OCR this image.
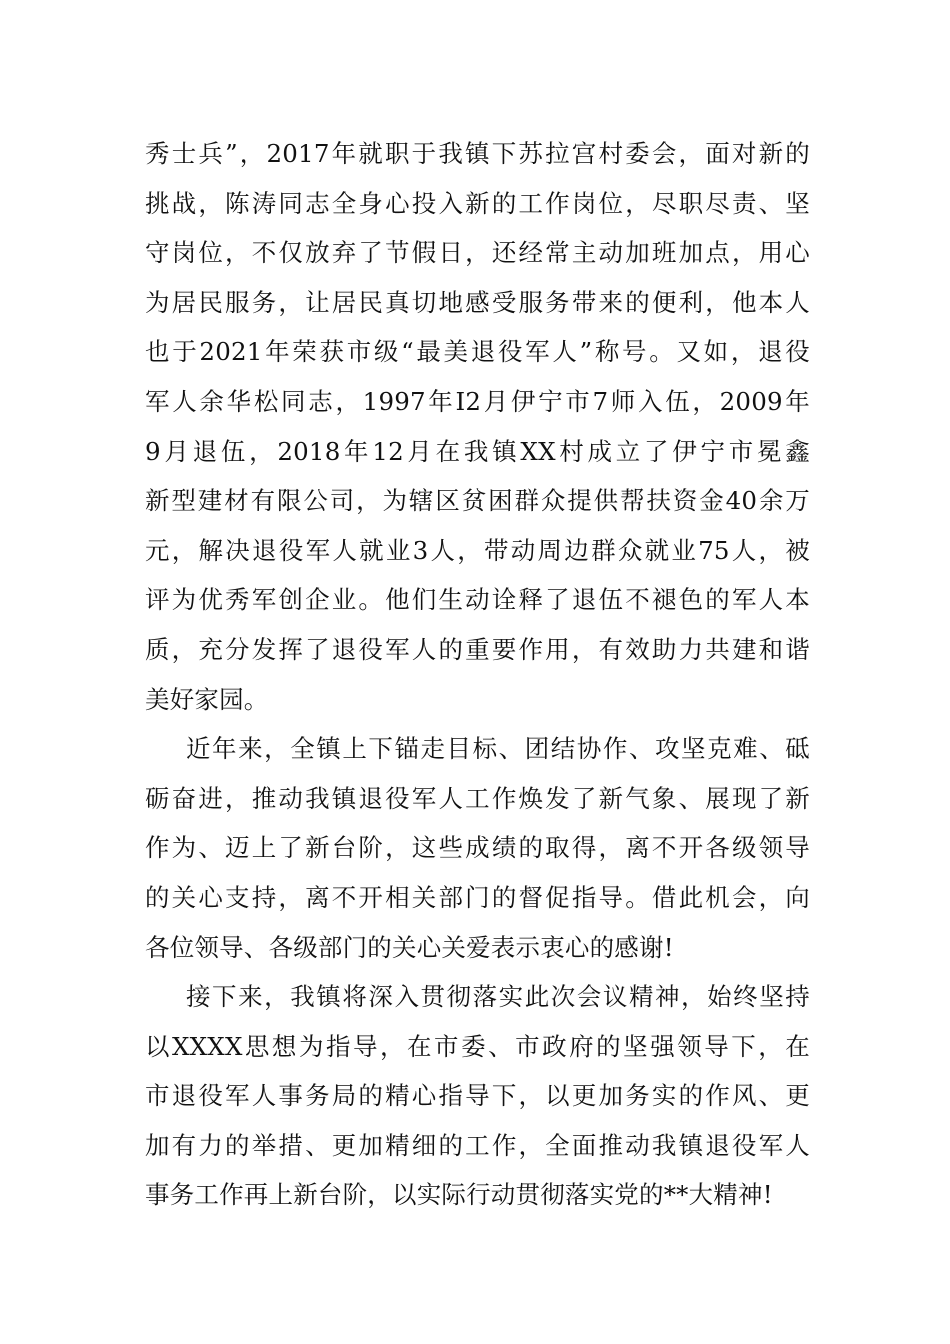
秀士兵”，2017年就职于我镇下苏拉宫村委会，面对新的
挑战，陈涛同志全身心投入新的工作岗位，尽职尽责、坚
守岗位，不仅放弃了节假日，还经常主动加班加点，用心
为居民服务，让居民真切地感受服务带来的便利，他本人
也于2021年荣获市级“最美退役军人”称号。又如，退役
军人余华松同志，1997年I2月伊宁市7师入伍，2009年
9月退伍，2018年12月在我镇XX村成立了伊宁市冕鑫
新型建材有限公司，为辖区贫困群众提供帮扶资金40余万
元，解决退役军人就业3人，带动周边群众就业75人，被
评为优秀军创企业。他们生动诠释了退伍不褪色的军人本
质，充分发挥了退役军人的重要作用，有效助力共建和谐
美好家园。
近年来，全镇上下锚走目标、团结协作、攻坚克难、砥
砺奋进，推动我镇退役军人工作焕发了新气象、展现了新
作为、迈上了新台阶，这些成绩的取得，离不开各级领导
的关心支持，离不开相关部门的督促指导。借此机会，向
各位领导、各级部门的关心关爱表示衷心的感谢!
接下来，我镇将深入贯彻落实此次会议精神，始终坚持
以XXXX思想为指导，在市委、市政府的坚强领导下，在
市退役军人事务局的精心指导下，以更加务实的作风、更
加有力的举措、更加精细的工作，全面推动我镇退役军人
事务工作再上新台阶，以实际行动贯彻落实党的**大精神!
